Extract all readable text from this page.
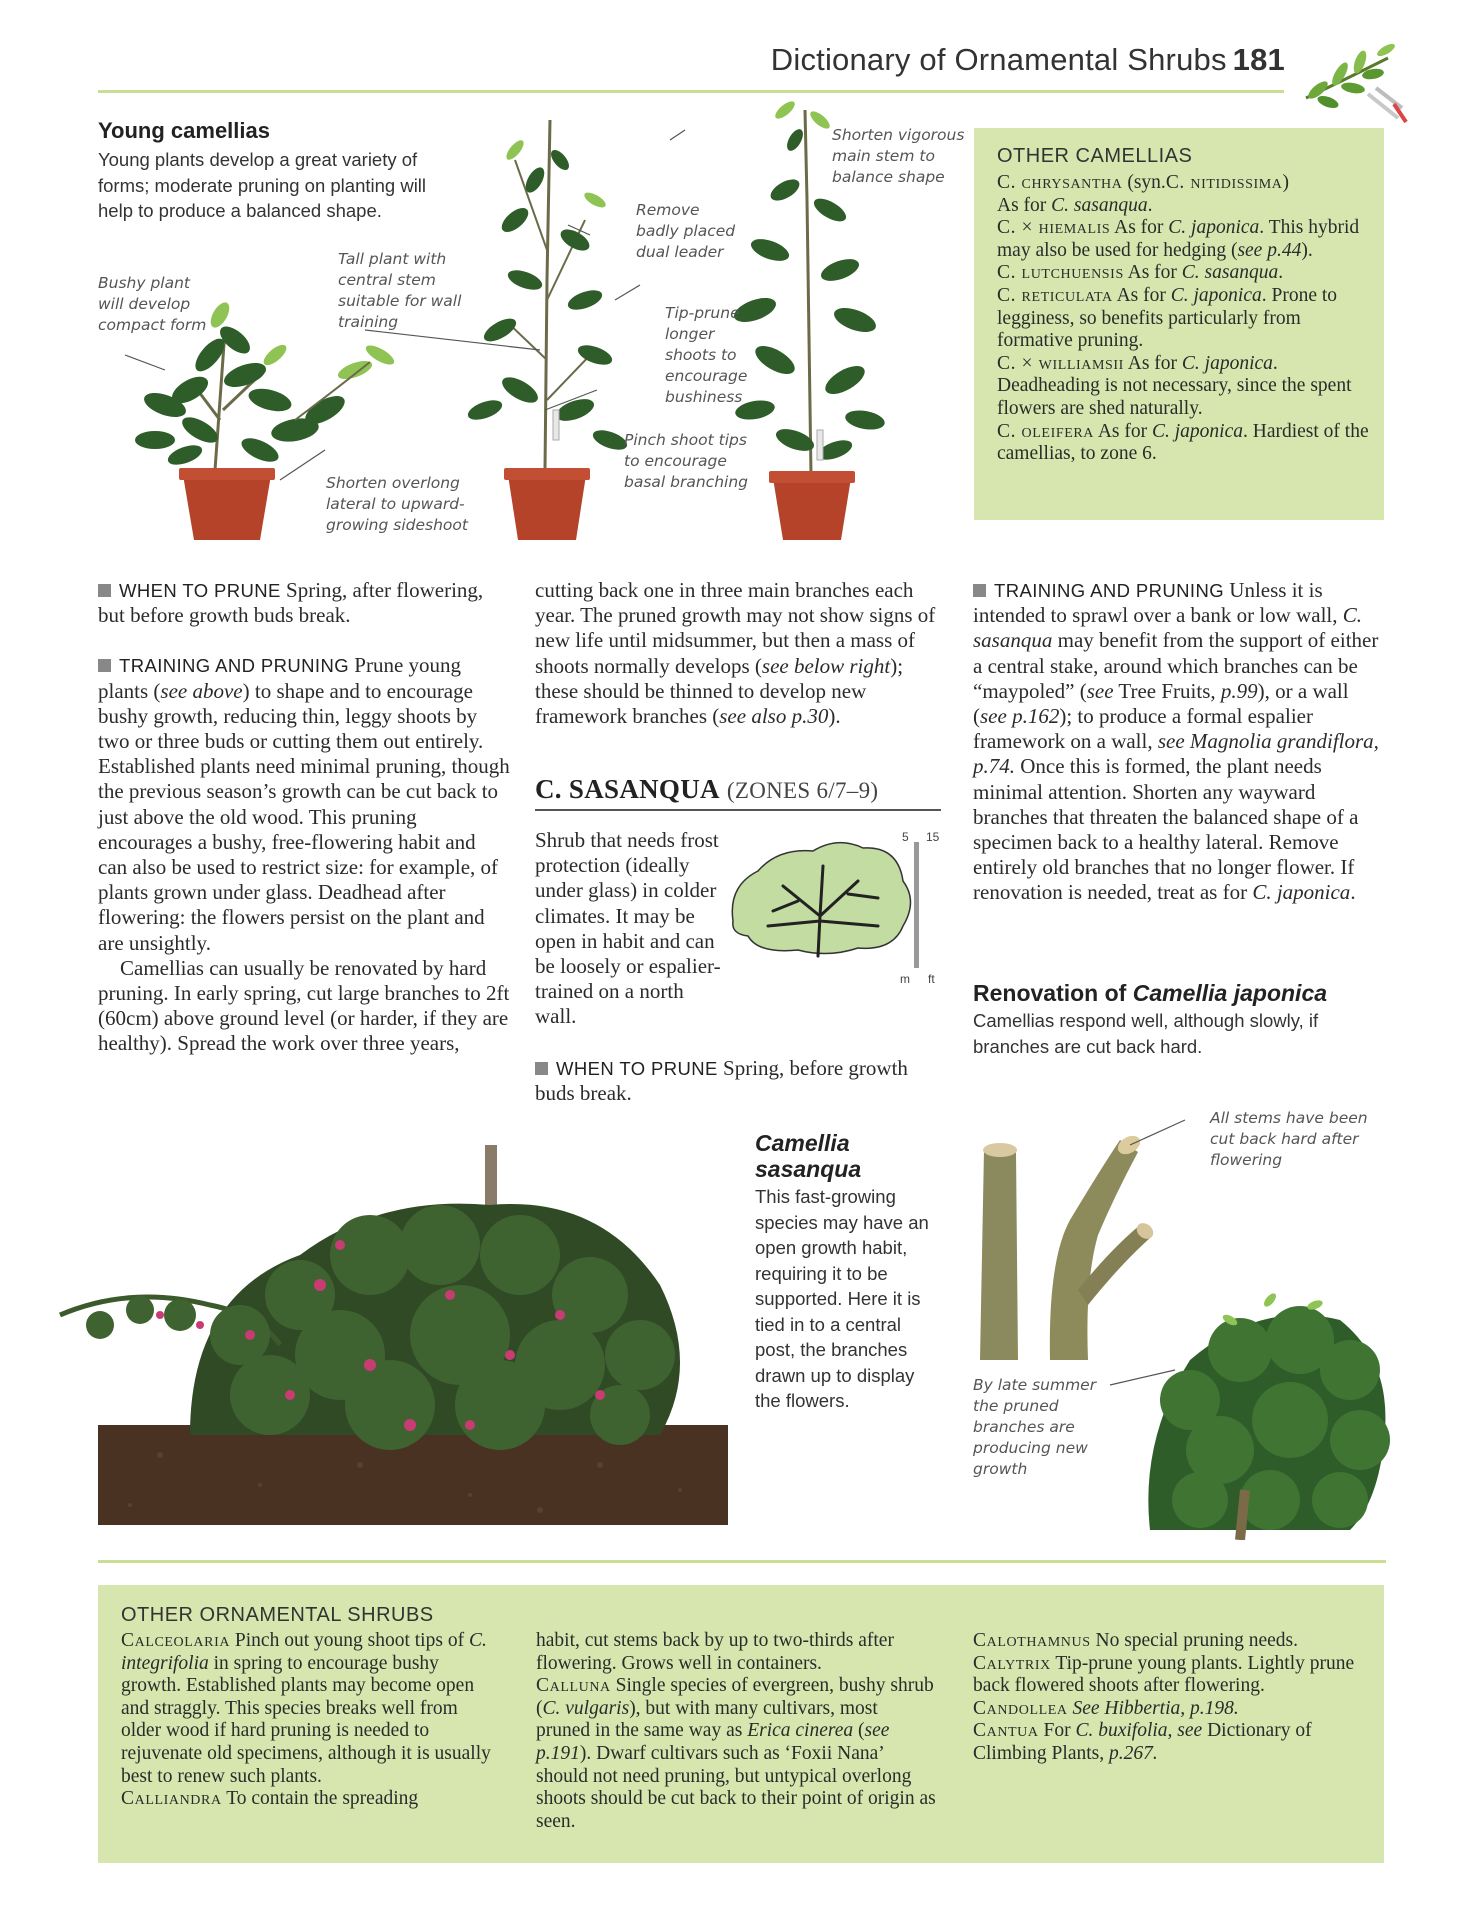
Dictionary of Ornamental Shrubs 181
Young camellias
Young plants develop a great variety of forms; moderate pruning on planting will help to produce a balanced shape.
Bushy plant will develop compact form
Tall plant with central stem suitable for wall training
Shorten overlong lateral to upward-growing sideshoot
Remove badly placed dual leader
Tip-prune longer shoots to encourage bushiness
Pinch shoot tips to encourage basal branching
Shorten vigorous main stem to balance shape
OTHER CAMELLIAS

C. chrysantha (syn.C. nitidissima)
As for C. sasanqua.

C. × hiemalis As for C. japonica. This hybrid may also be used for hedging (see p.44).

C. lutchuensis As for C. sasanqua.

C. reticulata As for C. japonica. Prone to legginess, so benefits particularly from formative pruning.

C. × williamsii As for C. japonica. Deadheading is not necessary, since the spent flowers are shed naturally.

C. oleifera As for C. japonica. Hardiest of the camellias, to zone 6.

WHEN TO PRUNE Spring, after flowering, but before growth buds break.

TRAINING AND PRUNING Prune young plants (see above) to shape and to encourage bushy growth, reducing thin, leggy shoots by two or three buds or cutting them out entirely. Established plants need minimal pruning, though the previous season’s growth can be cut back to just above the old wood. This pruning encourages a bushy, free-flowering habit and can also be used to restrict size: for example, of plants grown under glass. Deadhead after flowering: the flowers persist on the plant and are unsightly.

Camellias can usually be renovated by hard pruning. In early spring, cut large branches to 2ft (60cm) above ground level (or harder, if they are healthy). Spread the work over three years,

cutting back one in three main branches each year. The pruned growth may not show signs of new life until midsummer, but then a mass of shoots normally develops (see below right); these should be thinned to develop new framework branches (see also p.30).

C. SASANQUA (ZONES 6/7–9)

Shrub that needs frost protection (ideally under glass) in colder climates. It may be open in habit and can be loosely or espalier-trained on a north wall.

5 15
m ft

WHEN TO PRUNE Spring, before growth buds break.

TRAINING AND PRUNING Unless it is intended to sprawl over a bank or low wall, C. sasanqua may benefit from the support of either a central stake, around which branches can be “maypoled” (see Tree Fruits, p.99), or a wall (see p.162); to produce a formal espalier framework on a wall, see Magnolia grandiflora, p.74. Once this is formed, the plant needs minimal attention. Shorten any wayward branches that threaten the balanced shape of a specimen back to a healthy lateral. Remove entirely old branches that no longer flower. If renovation is needed, treat as for C. japonica.

Renovation of Camellia japonica
Camellias respond well, although slowly, if branches are cut back hard.
Camellia sasanqua
This fast-growing species may have an open growth habit, requiring it to be supported. Here it is tied in to a central post, the branches drawn up to display the flowers.
All stems have been cut back hard after flowering
By late summer the pruned branches are producing new growth
OTHER ORNAMENTAL SHRUBS

Calceolaria Pinch out young shoot tips of C. integrifolia in spring to encourage bushy growth. Established plants may become open and straggly. This species breaks well from older wood if hard pruning is needed to rejuvenate old specimens, although it is usually best to renew such plants.
Calliandra To contain the spreading

habit, cut stems back by up to two-thirds after flowering. Grows well in containers.
Calluna Single species of evergreen, bushy shrub (C. vulgaris), but with many cultivars, most pruned in the same way as Erica cinerea (see p.191). Dwarf cultivars such as ‘Foxii Nana’ should not need pruning, but untypical overlong shoots should be cut back to their point of origin as seen.

Calothamnus No special pruning needs.
Calytrix Tip-prune young plants. Lightly prune back flowered shoots after flowering.
Candollea See Hibbertia, p.198.
Cantua For C. buxifolia, see Dictionary of Climbing Plants, p.267.
